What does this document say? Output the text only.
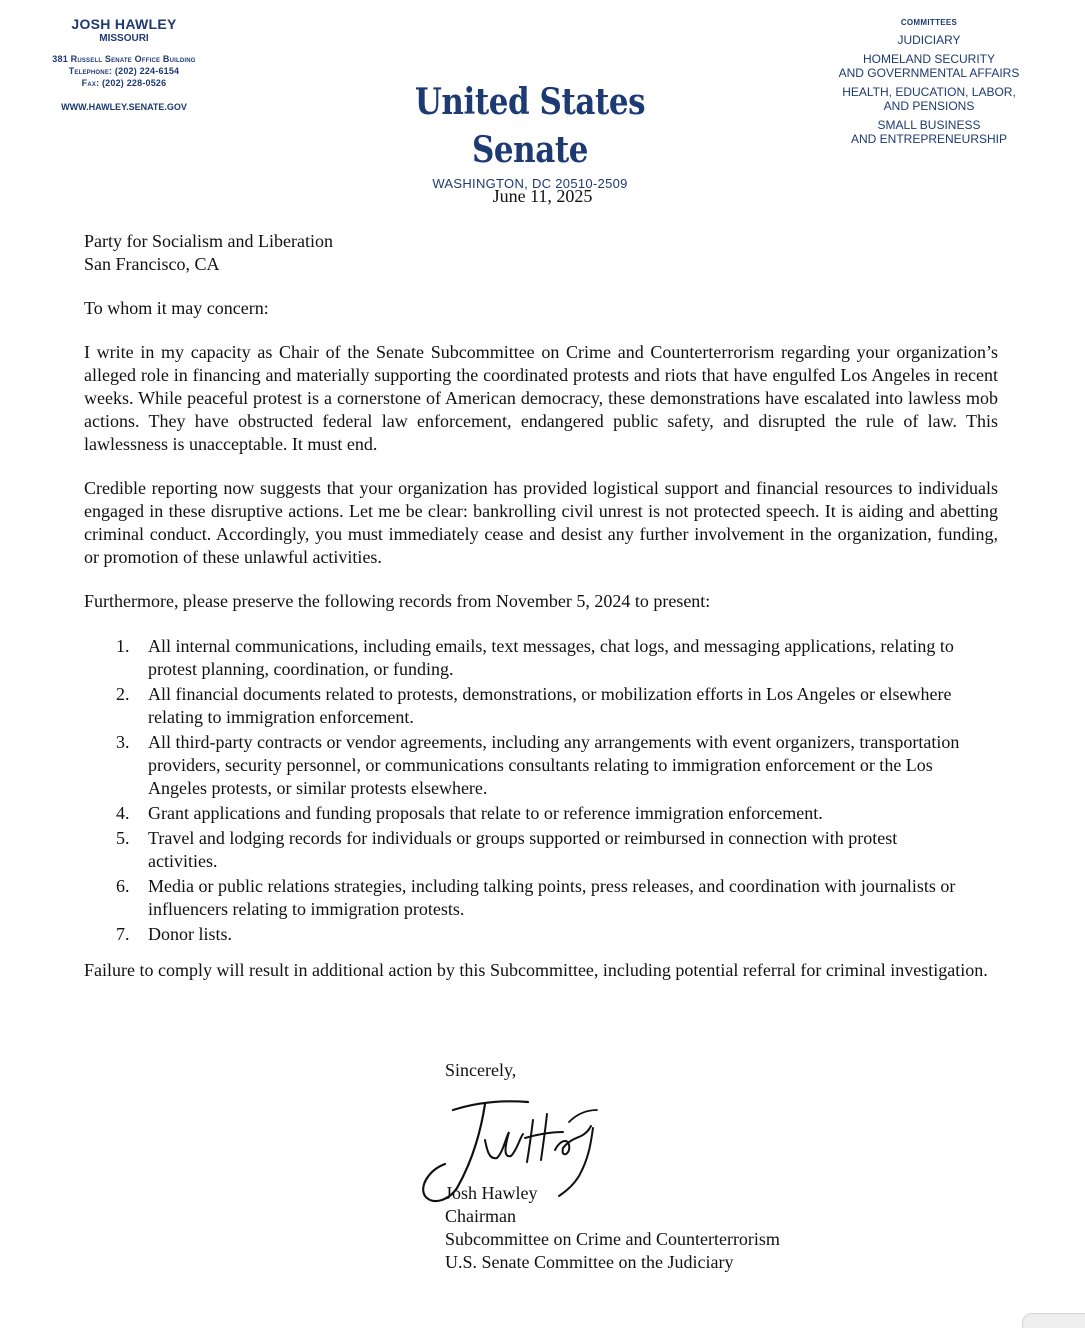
JOSH HAWLEY
MISSOURI
381 Russell Senate Office Building
Telephone: (202) 224-6154
Fax: (202) 228-0526
WWW.HAWLEY.SENATE.GOV	United States Senate
WASHINGTON, DC 20510-2509
COMMITTEES
JUDICIARY
HOMELAND SECURITY
AND GOVERNMENTAL AFFAIRS
HEALTH, EDUCATION, LABOR,
AND PENSIONS
SMALL BUSINESS
AND ENTREPRENEURSHIP
June 11, 2025
Party for Socialism and Liberation
San Francisco, CA

To whom it may concern:

I write in my capacity as Chair of the Senate Subcommittee on Crime and Counterterrorism regarding your organization’s alleged role in financing and materially supporting the coordinated protests and riots that have engulfed Los Angeles in recent weeks. While peaceful protest is a cornerstone of American democracy, these demonstrations have escalated into lawless mob actions. They have obstructed federal law enforcement, endangered public safety, and disrupted the rule of law. This lawlessness is unacceptable. It must end.

Credible reporting now suggests that your organization has provided logistical support and financial resources to individuals engaged in these disruptive actions. Let me be clear: bankrolling civil unrest is not protected speech. It is aiding and abetting criminal conduct. Accordingly, you must immediately cease and desist any further involvement in the organization, funding, or promotion of these unlawful activities.

Furthermore, please preserve the following records from November 5, 2024 to present:

1. All internal communications, including emails, text messages, chat logs, and messaging applications, relating to protest planning, coordination, or funding.
2. All financial documents related to protests, demonstrations, or mobilization efforts in Los Angeles or elsewhere relating to immigration enforcement.
3. All third-party contracts or vendor agreements, including any arrangements with event organizers, transportation providers, security personnel, or communications consultants relating to immigration enforcement or the Los Angeles protests, or similar protests elsewhere.
4. Grant applications and funding proposals that relate to or reference immigration enforcement.
5. Travel and lodging records for individuals or groups supported or reimbursed in connection with protest activities.
6. Media or public relations strategies, including talking points, press releases, and coordination with journalists or influencers relating to immigration protests.
7. Donor lists.

Failure to comply will result in additional action by this Subcommittee, including potential referral for criminal investigation.

Sincerely,
Josh Hawley
Chairman
Subcommittee on Crime and Counterterrorism
U.S. Senate Committee on the Judiciary
